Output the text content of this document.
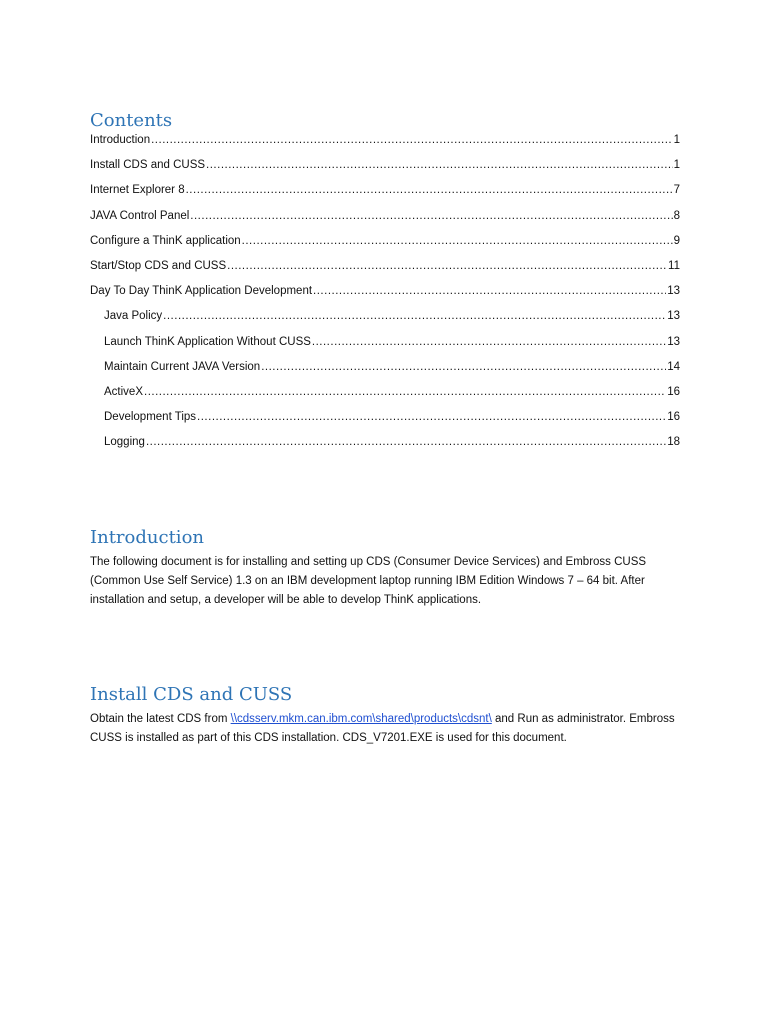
Contents
Introduction .....	1
Install CDS and CUSS .....	1
Internet Explorer 8 .....	7
JAVA Control Panel .....	8
Configure a ThinK application .....	9
Start/Stop CDS and CUSS .....	11
Day To Day ThinK Application Development .....	13
Java Policy .....	13
Launch ThinK Application Without CUSS .....	13
Maintain Current JAVA Version .....	14
ActiveX .....	16
Development Tips .....	16
Logging .....	18
Introduction

The following document is for installing and setting up CDS (Consumer Device Services) and Embross CUSS (Common Use Self Service) 1.3 on an IBM development laptop running IBM Edition Windows 7 – 64 bit. After installation and setup, a developer will be able to develop ThinK applications.

Install CDS and CUSS

Obtain the latest CDS from \\cdsserv.mkm.can.ibm.com\shared\products\cdsnt\ and Run as administrator. Embross CUSS is installed as part of this CDS installation. CDS_V7201.EXE is used for this document.
